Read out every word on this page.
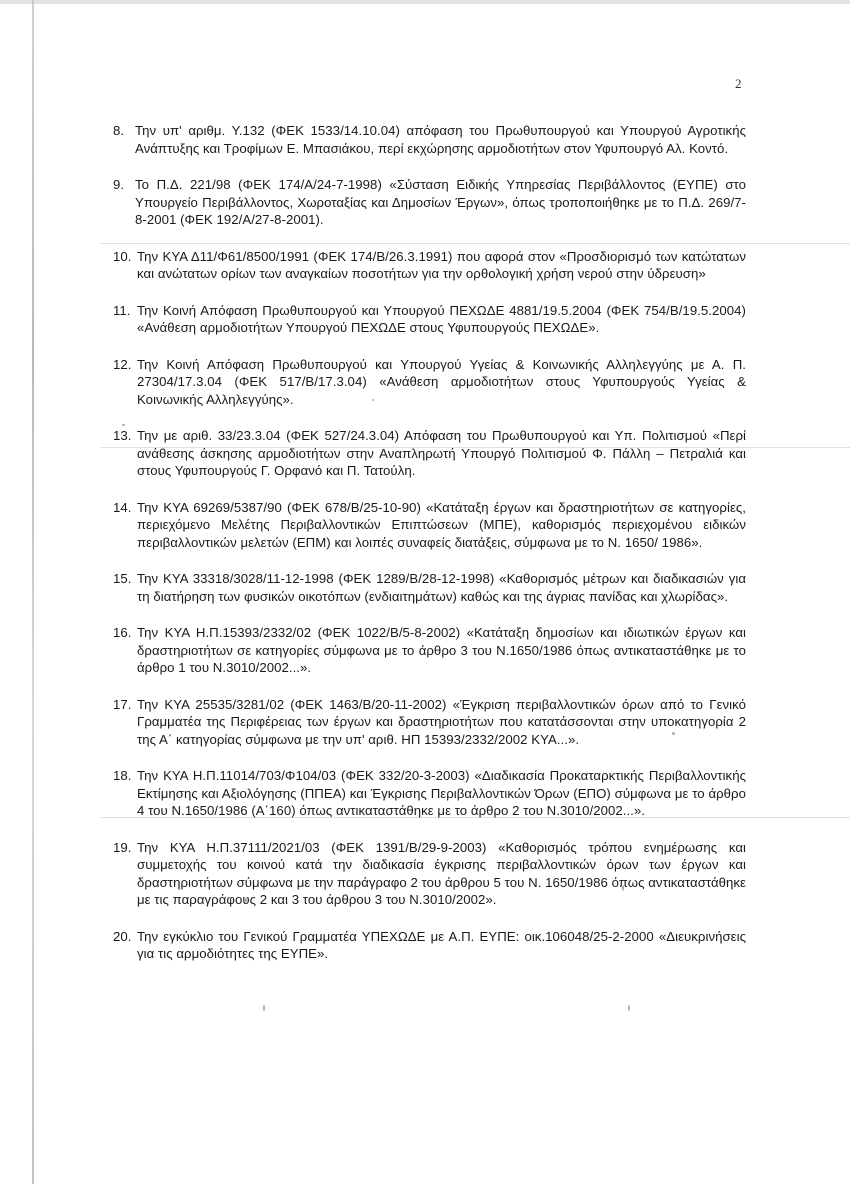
2
8. Την υπ' αριθμ. Υ.132 (ΦΕΚ 1533/14.10.04) απόφαση του Πρωθυπουργού και Υπουργού Αγροτικής Ανάπτυξης και Τροφίμων Ε. Μπασιάκου, περί εκχώρησης αρμοδιοτήτων στον Υφυπουργό Αλ. Κοντό.
9. Το Π.Δ. 221/98 (ΦΕΚ 174/Α/24-7-1998) «Σύσταση Ειδικής Υπηρεσίας Περιβάλλοντος (ΕΥΠΕ) στο Υπουργείο Περιβάλλοντος, Χωροταξίας και Δημοσίων Έργων», όπως τροποποιήθηκε με το Π.Δ. 269/7-8-2001 (ΦΕΚ 192/Α/27-8-2001).
10. Την ΚΥΑ Δ11/Φ61/8500/1991 (ΦΕΚ 174/Β/26.3.1991) που αφορά στον «Προσδιορισμό των κατώτατων και ανώτατων ορίων των αναγκαίων ποσοτήτων για την ορθολογική χρήση νερού στην ύδρευση»
11. Την Κοινή Απόφαση Πρωθυπουργού και Υπουργού ΠΕΧΩΔΕ 4881/19.5.2004 (ΦΕΚ 754/Β/19.5.2004) «Ανάθεση αρμοδιοτήτων Υπουργού ΠΕΧΩΔΕ στους Υφυπουργούς ΠΕΧΩΔΕ».
12. Την Κοινή Απόφαση Πρωθυπουργού και Υπουργού Υγείας & Κοινωνικής Αλληλεγγύης με Α. Π. 27304/17.3.04 (ΦΕΚ 517/Β/17.3.04) «Ανάθεση αρμοδιοτήτων στους Υφυπουργούς Υγείας & Κοινωνικής Αλληλεγγύης».
13. Την με αριθ. 33/23.3.04 (ΦΕΚ 527/24.3.04) Απόφαση του Πρωθυπουργού και Υπ. Πολιτισμού «Περί ανάθεσης άσκησης αρμοδιοτήτων στην Αναπληρωτή Υπουργό Πολιτισμού Φ. Πάλλη – Πετραλιά και στους Υφυπουργούς Γ. Ορφανό και Π. Τατούλη.
14. Την ΚΥΑ 69269/5387/90 (ΦΕΚ 678/Β/25-10-90) «Κατάταξη έργων και δραστηριοτήτων σε κατηγορίες, περιεχόμενο Μελέτης Περιβαλλοντικών Επιπτώσεων (ΜΠΕ), καθορισμός περιεχομένου ειδικών περιβαλλοντικών μελετών (ΕΠΜ) και λοιπές συναφείς διατάξεις, σύμφωνα με το Ν. 1650/ 1986».
15. Την ΚΥΑ 33318/3028/11-12-1998 (ΦΕΚ 1289/Β/28-12-1998) «Καθορισμός μέτρων και διαδικασιών για τη διατήρηση των φυσικών οικοτόπων (ενδιαιτημάτων) καθώς και της άγριας πανίδας και χλωρίδας».
16. Την ΚΥΑ Η.Π.15393/2332/02 (ΦΕΚ 1022/Β/5-8-2002) «Κατάταξη δημοσίων και ιδιωτικών έργων και δραστηριοτήτων σε κατηγορίες σύμφωνα με το άρθρο 3 του Ν.1650/1986 όπως αντικαταστάθηκε με το άρθρο 1 του Ν.3010/2002...».
17. Την ΚΥΑ 25535/3281/02 (ΦΕΚ 1463/Β/20-11-2002) «Έγκριση περιβαλλοντικών όρων από το Γενικό Γραμματέα της Περιφέρειας των έργων και δραστηριοτήτων που κατατάσσονται στην υποκατηγορία 2 της Α΄ κατηγορίας σύμφωνα με την υπ' αριθ. ΗΠ 15393/2332/2002 ΚΥΑ...».
18. Την ΚΥΑ Η.Π.11014/703/Φ104/03 (ΦΕΚ 332/20-3-2003) «Διαδικασία Προκαταρκτικής Περιβαλλοντικής Εκτίμησης και Αξιολόγησης (ΠΠΕΑ) και Έγκρισης Περιβαλλοντικών Όρων (ΕΠΟ) σύμφωνα με το άρθρο 4 του Ν.1650/1986 (Α΄160) όπως αντικαταστάθηκε με το άρθρο 2 του Ν.3010/2002...».
19. Την ΚΥΑ Η.Π.37111/2021/03 (ΦΕΚ 1391/Β/29-9-2003) «Καθορισμός τρόπου ενημέρωσης και συμμετοχής του κοινού κατά την διαδικασία έγκρισης περιβαλλοντικών όρων των έργων και δραστηριοτήτων σύμφωνα με την παράγραφο 2 του άρθρου 5 του Ν. 1650/1986 όπως αντικαταστάθηκε με τις παραγράφους 2 και 3 του άρθρου 3 του Ν.3010/2002».
20. Την εγκύκλιο του Γενικού Γραμματέα ΥΠΕΧΩΔΕ με Α.Π. ΕΥΠΕ: οικ.106048/25-2-2000 «Διευκρινήσεις για τις αρμοδιότητες της ΕΥΠΕ».
